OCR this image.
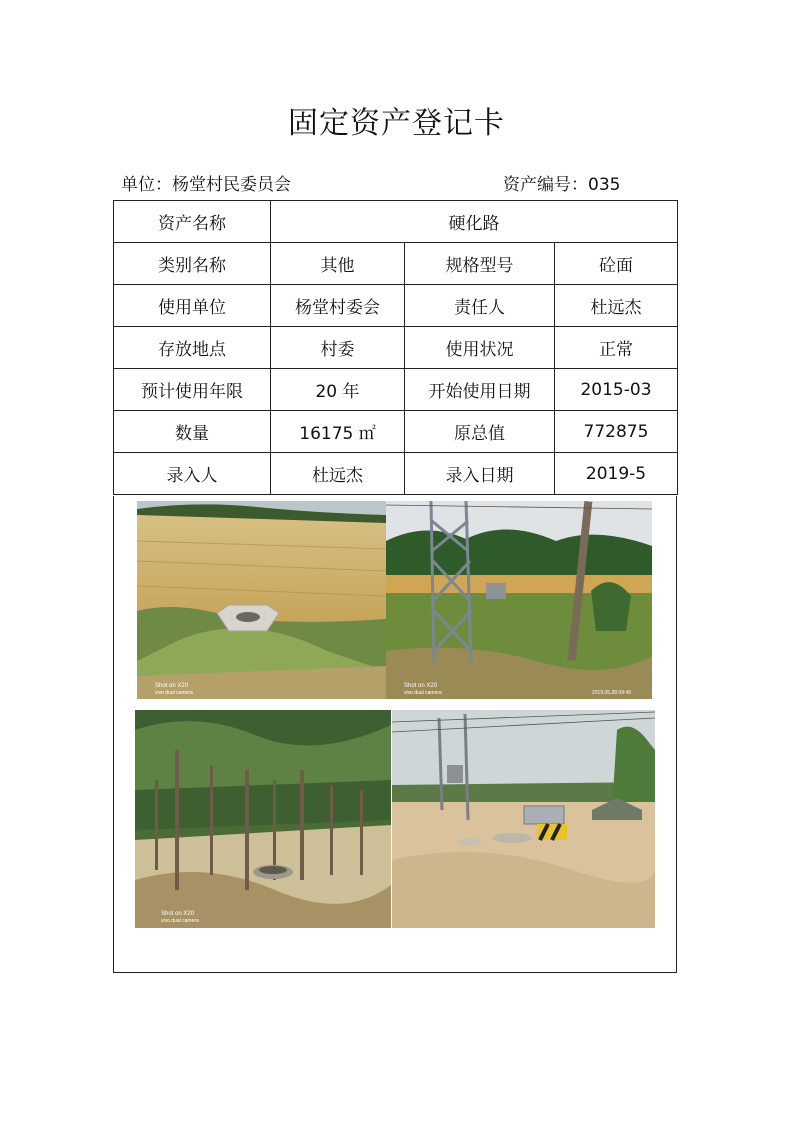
固定资产登记卡
单位：杨堂村民委员会	资产编号：035
资产名称	硬化路		
类别名称	其他	规格型号	砼面
使用单位	杨堂村委会	责任人	杜远杰
存放地点	村委	使用状况	正常
预计使用年限	20 年	开始使用日期	2015-03
数量	16175 ㎡	原总值	772875
录入人	杜远杰	录入日期	2019-5
Shot on X20
vivo dual camera
Shot on X20
vivo dual camera	2019.05.28 09:49
Shot on X20
vivo dual camera
